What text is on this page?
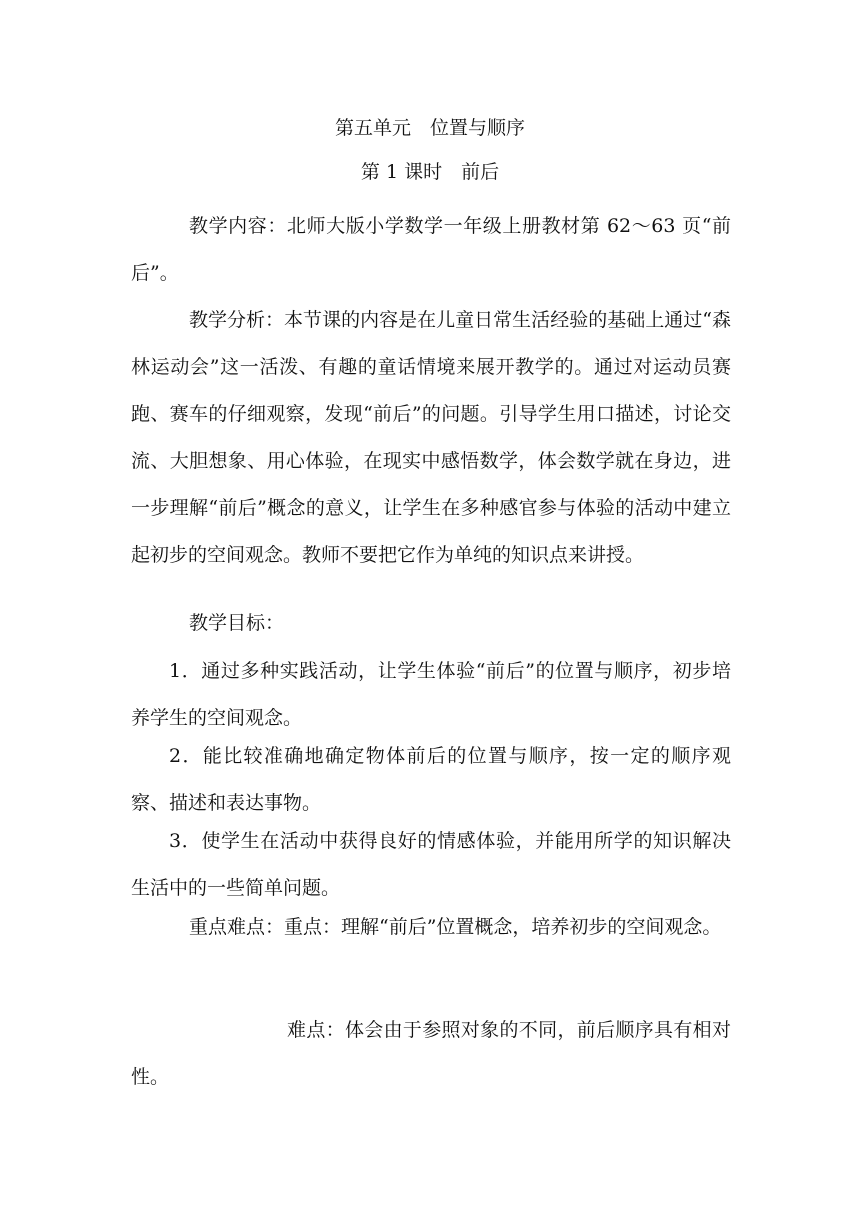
第五单元　位置与顺序
第 1 课时　前后
教学内容：北师大版小学数学一年级上册教材第 62～63 页“前后”。
教学分析：本节课的内容是在儿童日常生活经验的基础上通过“森林运动会”这一活泼、有趣的童话情境来展开教学的。通过对运动员赛跑、赛车的仔细观察，发现“前后”的问题。引导学生用口描述，讨论交流、大胆想象、用心体验，在现实中感悟数学，体会数学就在身边，进一步理解“前后”概念的意义，让学生在多种感官参与体验的活动中建立起初步的空间观念。教师不要把它作为单纯的知识点来讲授。
教学目标：
1．通过多种实践活动，让学生体验“前后”的位置与顺序，初步培养学生的空间观念。
2．能比较准确地确定物体前后的位置与顺序，按一定的顺序观察、描述和表达事物。
3．使学生在活动中获得良好的情感体验，并能用所学的知识解决生活中的一些简单问题。
重点难点：重点：理解“前后”位置概念，培养初步的空间观念。
难点：体会由于参照对象的不同，前后顺序具有相对性。
